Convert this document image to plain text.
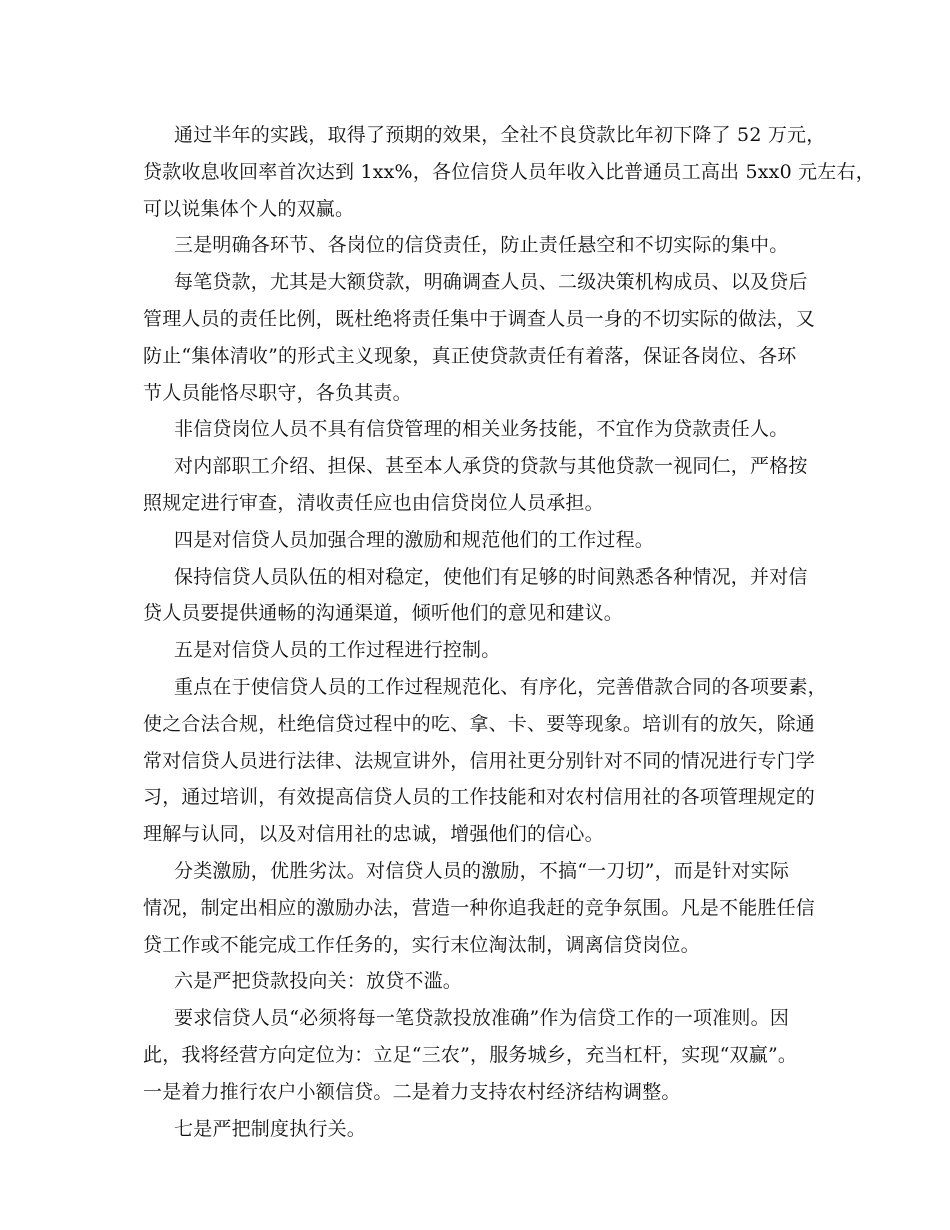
通过半年的实践，取得了预期的效果，全社不良贷款比年初下降了 52 万元，
贷款收息收回率首次达到 1xx%，各位信贷人员年收入比普通员工高出 5xx0 元左右，
可以说集体个人的双赢。
三是明确各环节、各岗位的信贷责任，防止责任悬空和不切实际的集中。
每笔贷款，尤其是大额贷款，明确调查人员、二级决策机构成员、以及贷后
管理人员的责任比例，既杜绝将责任集中于调查人员一身的不切实际的做法，又
防止“集体清收”的形式主义现象，真正使贷款责任有着落，保证各岗位、各环
节人员能恪尽职守，各负其责。
非信贷岗位人员不具有信贷管理的相关业务技能，不宜作为贷款责任人。
对内部职工介绍、担保、甚至本人承贷的贷款与其他贷款一视同仁，严格按
照规定进行审查，清收责任应也由信贷岗位人员承担。
四是对信贷人员加强合理的激励和规范他们的工作过程。
保持信贷人员队伍的相对稳定，使他们有足够的时间熟悉各种情况，并对信
贷人员要提供通畅的沟通渠道，倾听他们的意见和建议。
五是对信贷人员的工作过程进行控制。
重点在于使信贷人员的工作过程规范化、有序化，完善借款合同的各项要素，
使之合法合规，杜绝信贷过程中的吃、拿、卡、要等现象。培训有的放矢，除通
常对信贷人员进行法律、法规宣讲外，信用社更分别针对不同的情况进行专门学
习，通过培训，有效提高信贷人员的工作技能和对农村信用社的各项管理规定的
理解与认同，以及对信用社的忠诚，增强他们的信心。
分类激励，优胜劣汰。对信贷人员的激励，不搞“一刀切”，而是针对实际
情况，制定出相应的激励办法，营造一种你追我赶的竞争氛围。凡是不能胜任信
贷工作或不能完成工作任务的，实行末位淘汰制，调离信贷岗位。
六是严把贷款投向关：放贷不滥。
要求信贷人员“必须将每一笔贷款投放准确”作为信贷工作的一项准则。因
此，我将经营方向定位为：立足“三农”，服务城乡，充当杠杆，实现“双赢”。
一是着力推行农户小额信贷。二是着力支持农村经济结构调整。
七是严把制度执行关。
